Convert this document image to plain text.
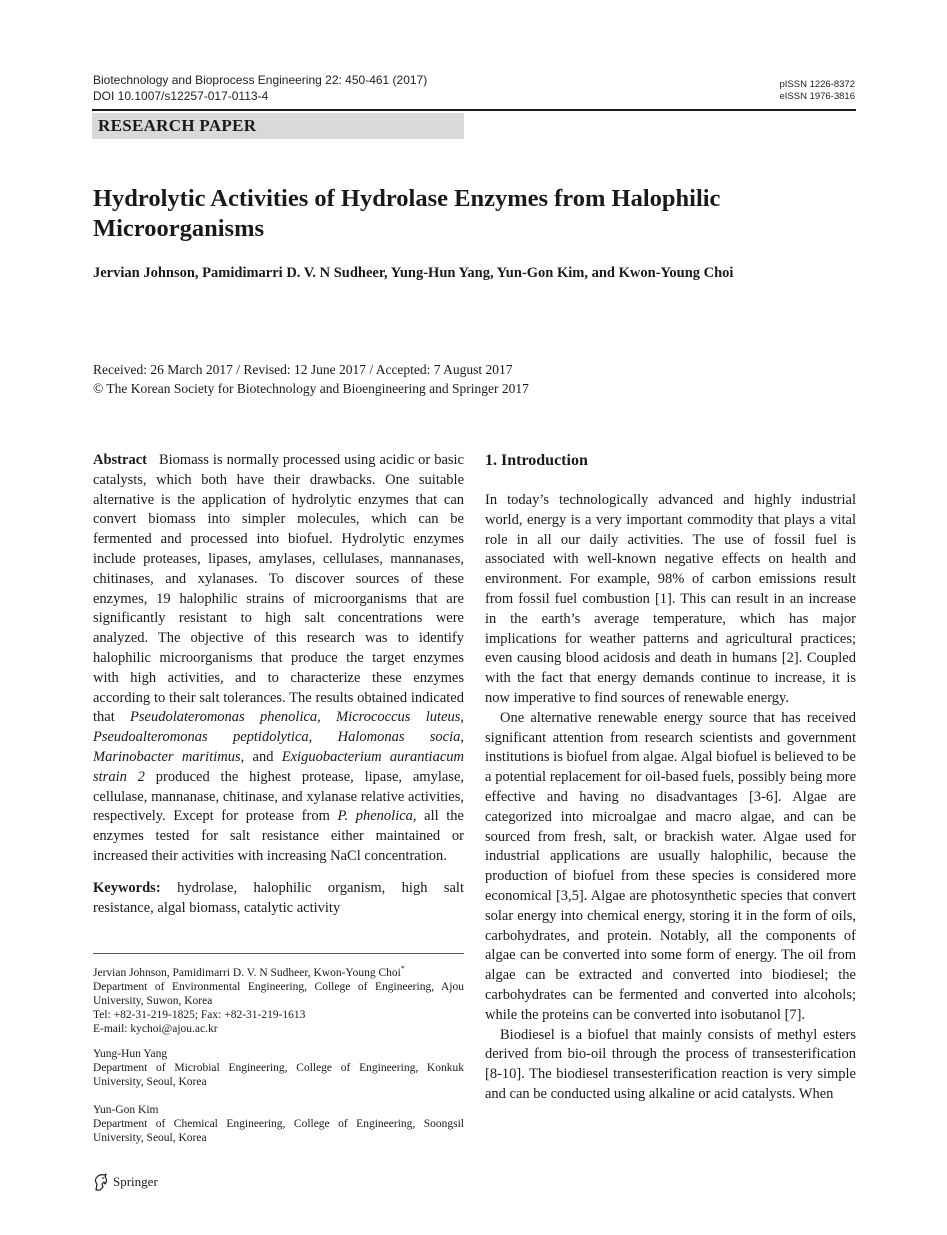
Biotechnology and Bioprocess Engineering 22: 450-461 (2017)
DOI 10.1007/s12257-017-0113-4
pISSN 1226-8372
eISSN 1976-3816
RESEARCH PAPER
Hydrolytic Activities of Hydrolase Enzymes from Halophilic Microorganisms
Jervian Johnson, Pamidimarri D. V. N Sudheer, Yung-Hun Yang, Yun-Gon Kim, and Kwon-Young Choi
Received: 26 March 2017 / Revised: 12 June 2017 / Accepted: 7 August 2017
© The Korean Society for Biotechnology and Bioengineering and Springer 2017

Abstract Biomass is normally processed using acidic or basic catalysts, which both have their drawbacks. One suitable alternative is the application of hydrolytic enzymes that can convert biomass into simpler molecules, which can be fermented and processed into biofuel. Hydrolytic enzymes include proteases, lipases, amylases, cellulases, mannanases, chitinases, and xylanases. To discover sources of these enzymes, 19 halophilic strains of microorganisms that are significantly resistant to high salt concentrations were analyzed. The objective of this research was to identify halophilic microorganisms that produce the target enzymes with high activities, and to characterize these enzymes according to their salt tolerances. The results obtained indicated that Pseudolateromonas phenolica, Micrococcus luteus, Pseudoalteromonas peptidolytica, Halomonas socia, Marinobacter maritimus, and Exiguobacterium aurantiacum strain 2 produced the highest protease, lipase, amylase, cellulase, mannanase, chitinase, and xylanase relative activities, respectively. Except for protease from P. phenolica, all the enzymes tested for salt resistance either maintained or increased their activities with increasing NaCl concentration.

Keywords: hydrolase, halophilic organism, high salt resistance, algal biomass, catalytic activity

Jervian Johnson, Pamidimarri D. V. N Sudheer, Kwon-Young Choi*
Department of Environmental Engineering, College of Engineering, Ajou University, Suwon, Korea
Tel: +82-31-219-1825; Fax: +82-31-219-1613
E-mail: kychoi@ajou.ac.kr
Yung-Hun Yang
Department of Microbial Engineering, College of Engineering, Konkuk University, Seoul, Korea
Yun-Gon Kim
Department of Chemical Engineering, College of Engineering, Soongsil University, Seoul, Korea
1. Introduction

In today’s technologically advanced and highly industrial world, energy is a very important commodity that plays a vital role in all our daily activities. The use of fossil fuel is associated with well-known negative effects on health and environment. For example, 98% of carbon emissions result from fossil fuel combustion [1]. This can result in an increase in the earth’s average temperature, which has major implications for weather patterns and agricultural practices; even causing blood acidosis and death in humans [2]. Coupled with the fact that energy demands continue to increase, it is now imperative to find sources of renewable energy.

One alternative renewable energy source that has received significant attention from research scientists and government institutions is biofuel from algae. Algal biofuel is believed to be a potential replacement for oil-based fuels, possibly being more effective and having no disadvantages [3-6]. Algae are categorized into microalgae and macro algae, and can be sourced from fresh, salt, or brackish water. Algae used for industrial applications are usually halophilic, because the production of biofuel from these species is considered more economical [3,5]. Algae are photosynthetic species that convert solar energy into chemical energy, storing it in the form of oils, carbohydrates, and protein. Notably, all the components of algae can be converted into some form of energy. The oil from algae can be extracted and converted into biodiesel; the carbohydrates can be fermented and converted into alcohols; while the proteins can be converted into isobutanol [7].

Biodiesel is a biofuel that mainly consists of methyl esters derived from bio-oil through the process of transesterification [8-10]. The biodiesel transesterification reaction is very simple and can be conducted using alkaline or acid catalysts. When

Springer
